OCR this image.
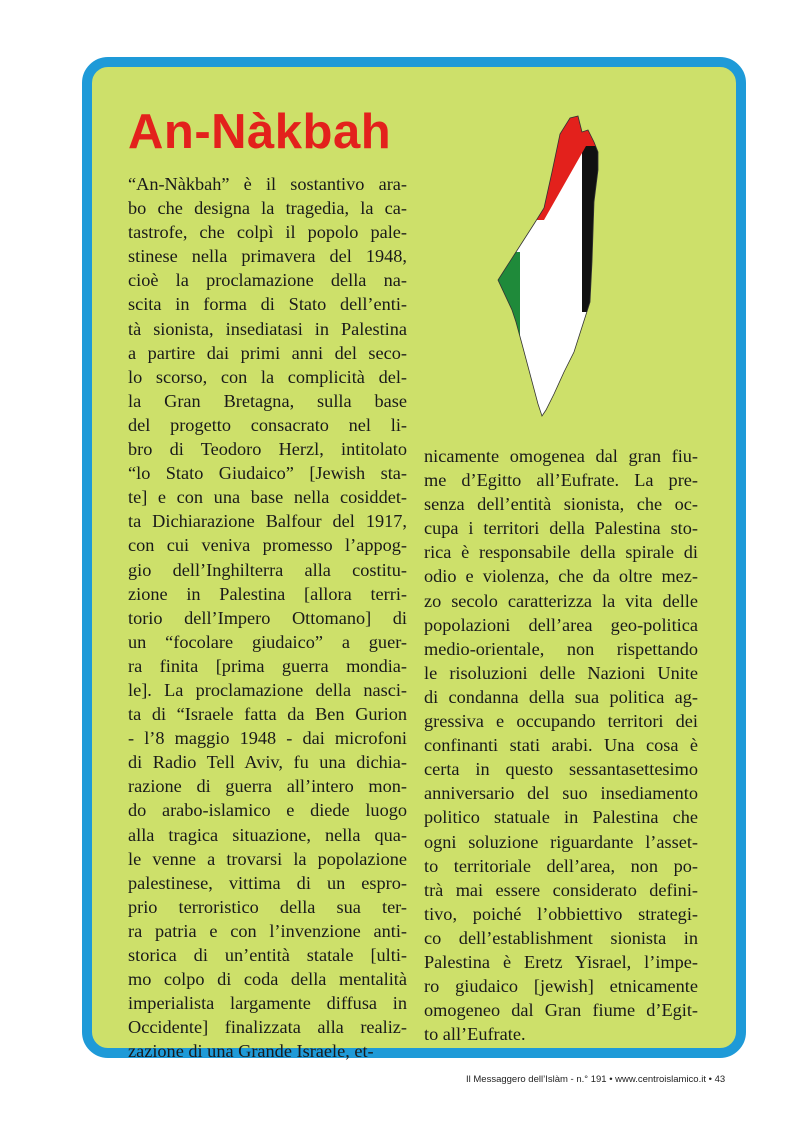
An-Nàkbah
“An-Nàkbah” è il sostantivo ara-
bo che designa la tragedia, la ca-
tastrofe, che colpì il popolo pale-
stinese nella primavera del 1948,
cioè la proclamazione della na-
scita in forma di Stato dell’enti-
tà sionista, insediatasi in Palestina
a partire dai primi anni del seco-
lo scorso, con la complicità del-
la Gran Bretagna, sulla base
del progetto consacrato nel li-
bro di Teodoro Herzl, intitolato
“lo Stato Giudaico” [Jewish sta-
te] e con una base nella cosiddet-
ta Dichiarazione Balfour del 1917,
con cui veniva promesso l’appog-
gio dell’Inghilterra alla costitu-
zione in Palestina [allora terri-
torio dell’Impero Ottomano] di
un “focolare giudaico” a guer-
ra finita [prima guerra mondia-
le]. La proclamazione della nasci-
ta di “Israele fatta da Ben Gurion
- l’8 maggio 1948 - dai microfoni
di Radio Tell Aviv, fu una dichia-
razione di guerra all’intero mon-
do arabo-islamico e diede luogo
alla tragica situazione, nella qua-
le venne a trovarsi la popolazione
palestinese, vittima di un espro-
prio terroristico della sua ter-
ra patria e con l’invenzione anti-
storica di un’entità statale [ulti-
mo colpo di coda della mentalità
imperialista largamente diffusa in
Occidente] finalizzata alla realiz-
zazione di una Grande Israele, et-
nicamente omogenea dal gran fiu-
me d’Egitto all’Eufrate. La pre-
senza dell’entità sionista, che oc-
cupa i territori della Palestina sto-
rica è responsabile della spirale di
odio e violenza, che da oltre mez-
zo secolo caratterizza la vita delle
popolazioni dell’area geo-politica
medio-orientale, non rispettando
le risoluzioni delle Nazioni Unite
di condanna della sua politica ag-
gressiva e occupando territori dei
confinanti stati arabi. Una cosa è
certa in questo sessantasettesimo
anniversario del suo insediamento
politico statuale in Palestina che
ogni soluzione riguardante l’asset-
to territoriale dell’area, non po-
trà mai essere considerato defini-
tivo, poiché l’obbiettivo strategi-
co dell’establishment sionista in
Palestina è Eretz Yisrael, l’impe-
ro giudaico [jewish] etnicamente
omogeneo dal Gran fiume d’Egit-
to all’Eufrate.
Il Messaggero dell’Islàm - n.° 191 • www.centroislamico.it • 43
